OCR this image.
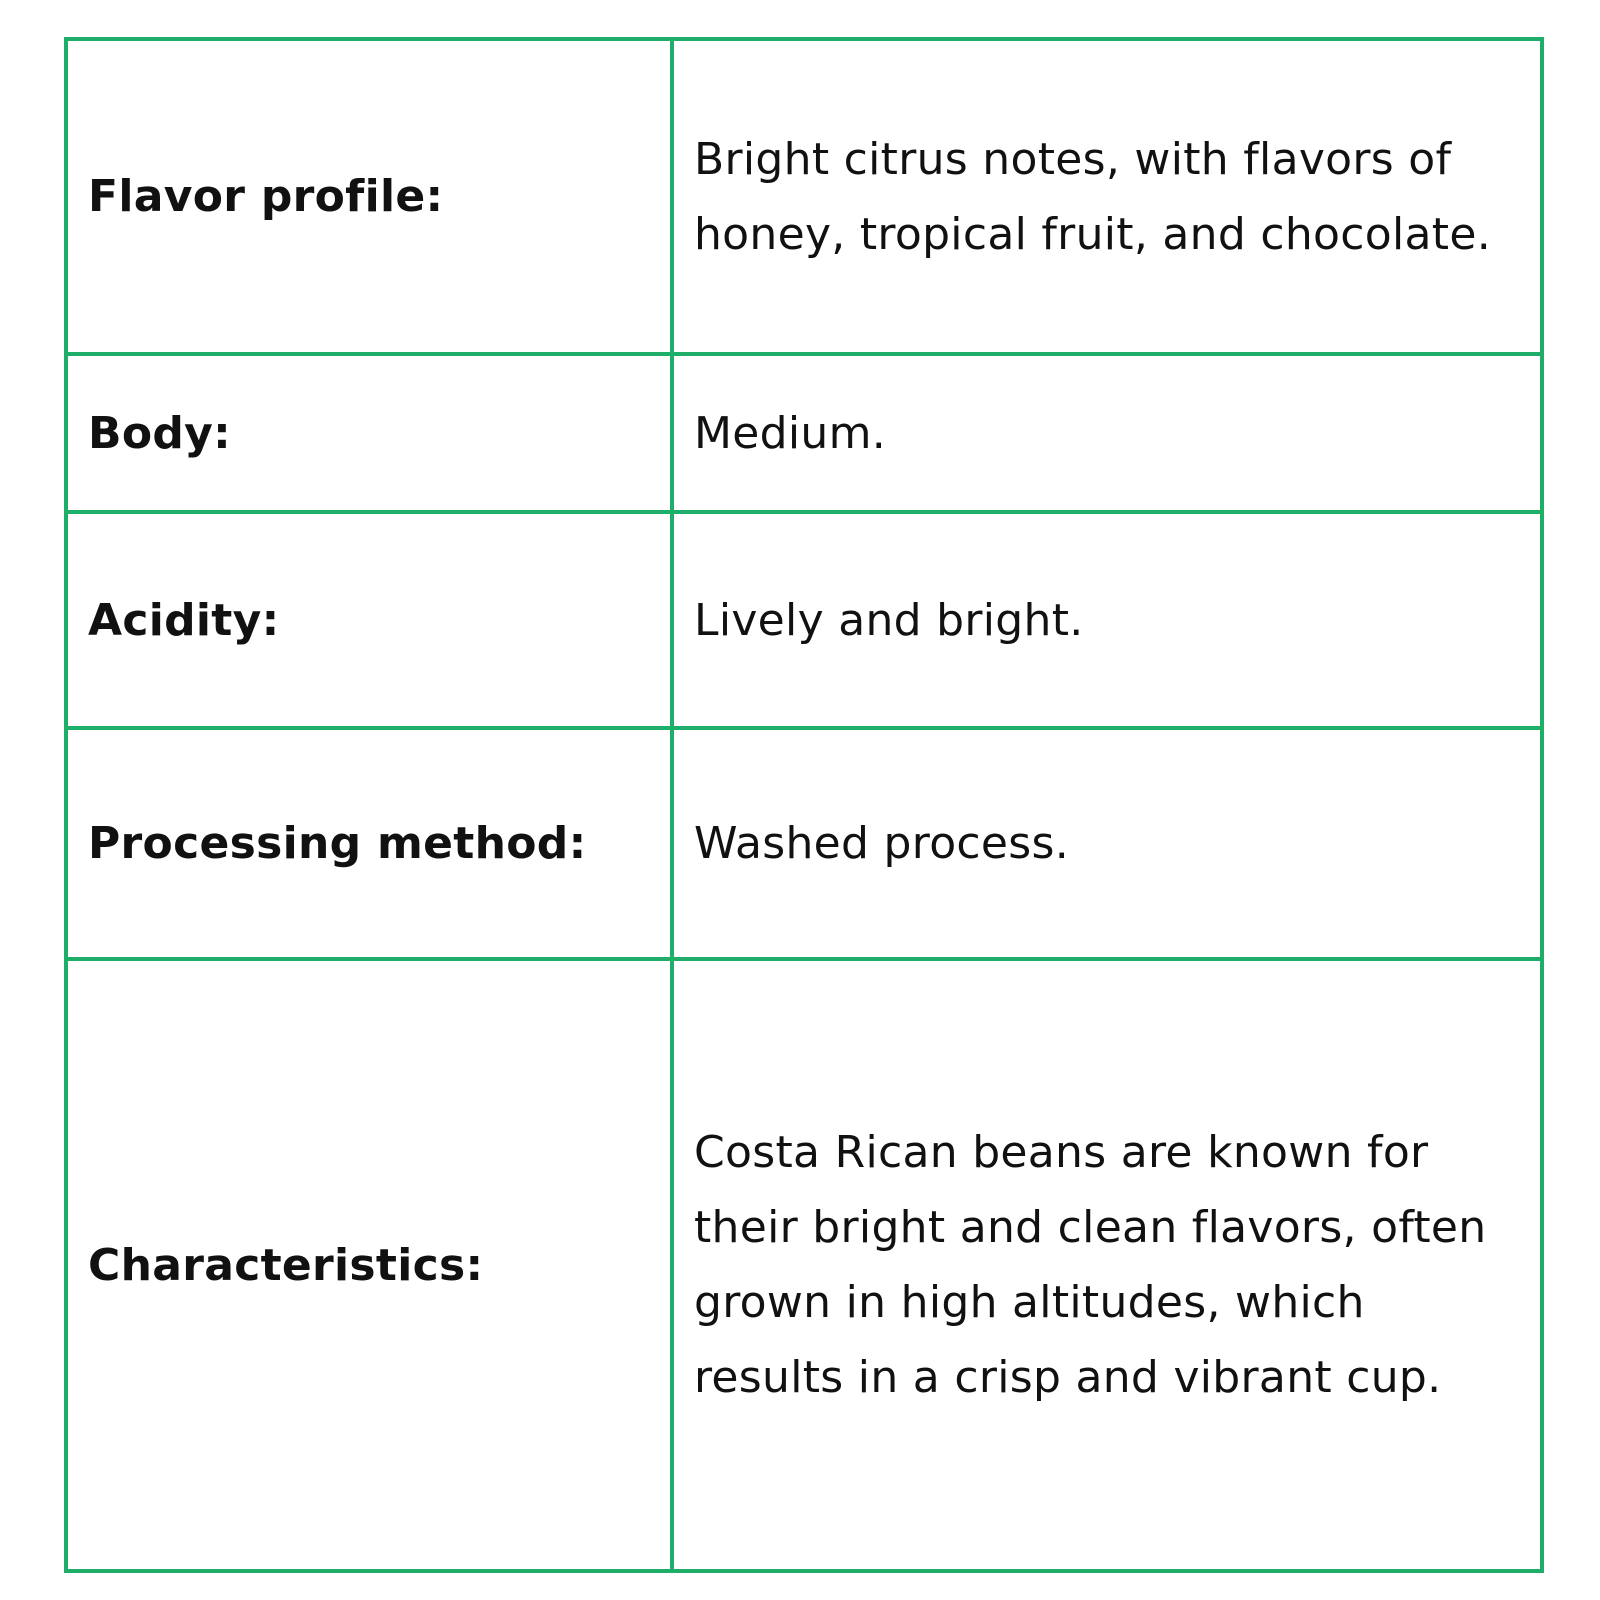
Flavor profile:
Bright citrus notes, with flavors of honey, tropical fruit, and chocolate.
Body:	Medium.
Acidity:	Lively and bright.
Processing method:	Washed process.
Characteristics:
Costa Rican beans are known for their bright and clean flavors, often grown in high altitudes, which results in a crisp and vibrant cup.
